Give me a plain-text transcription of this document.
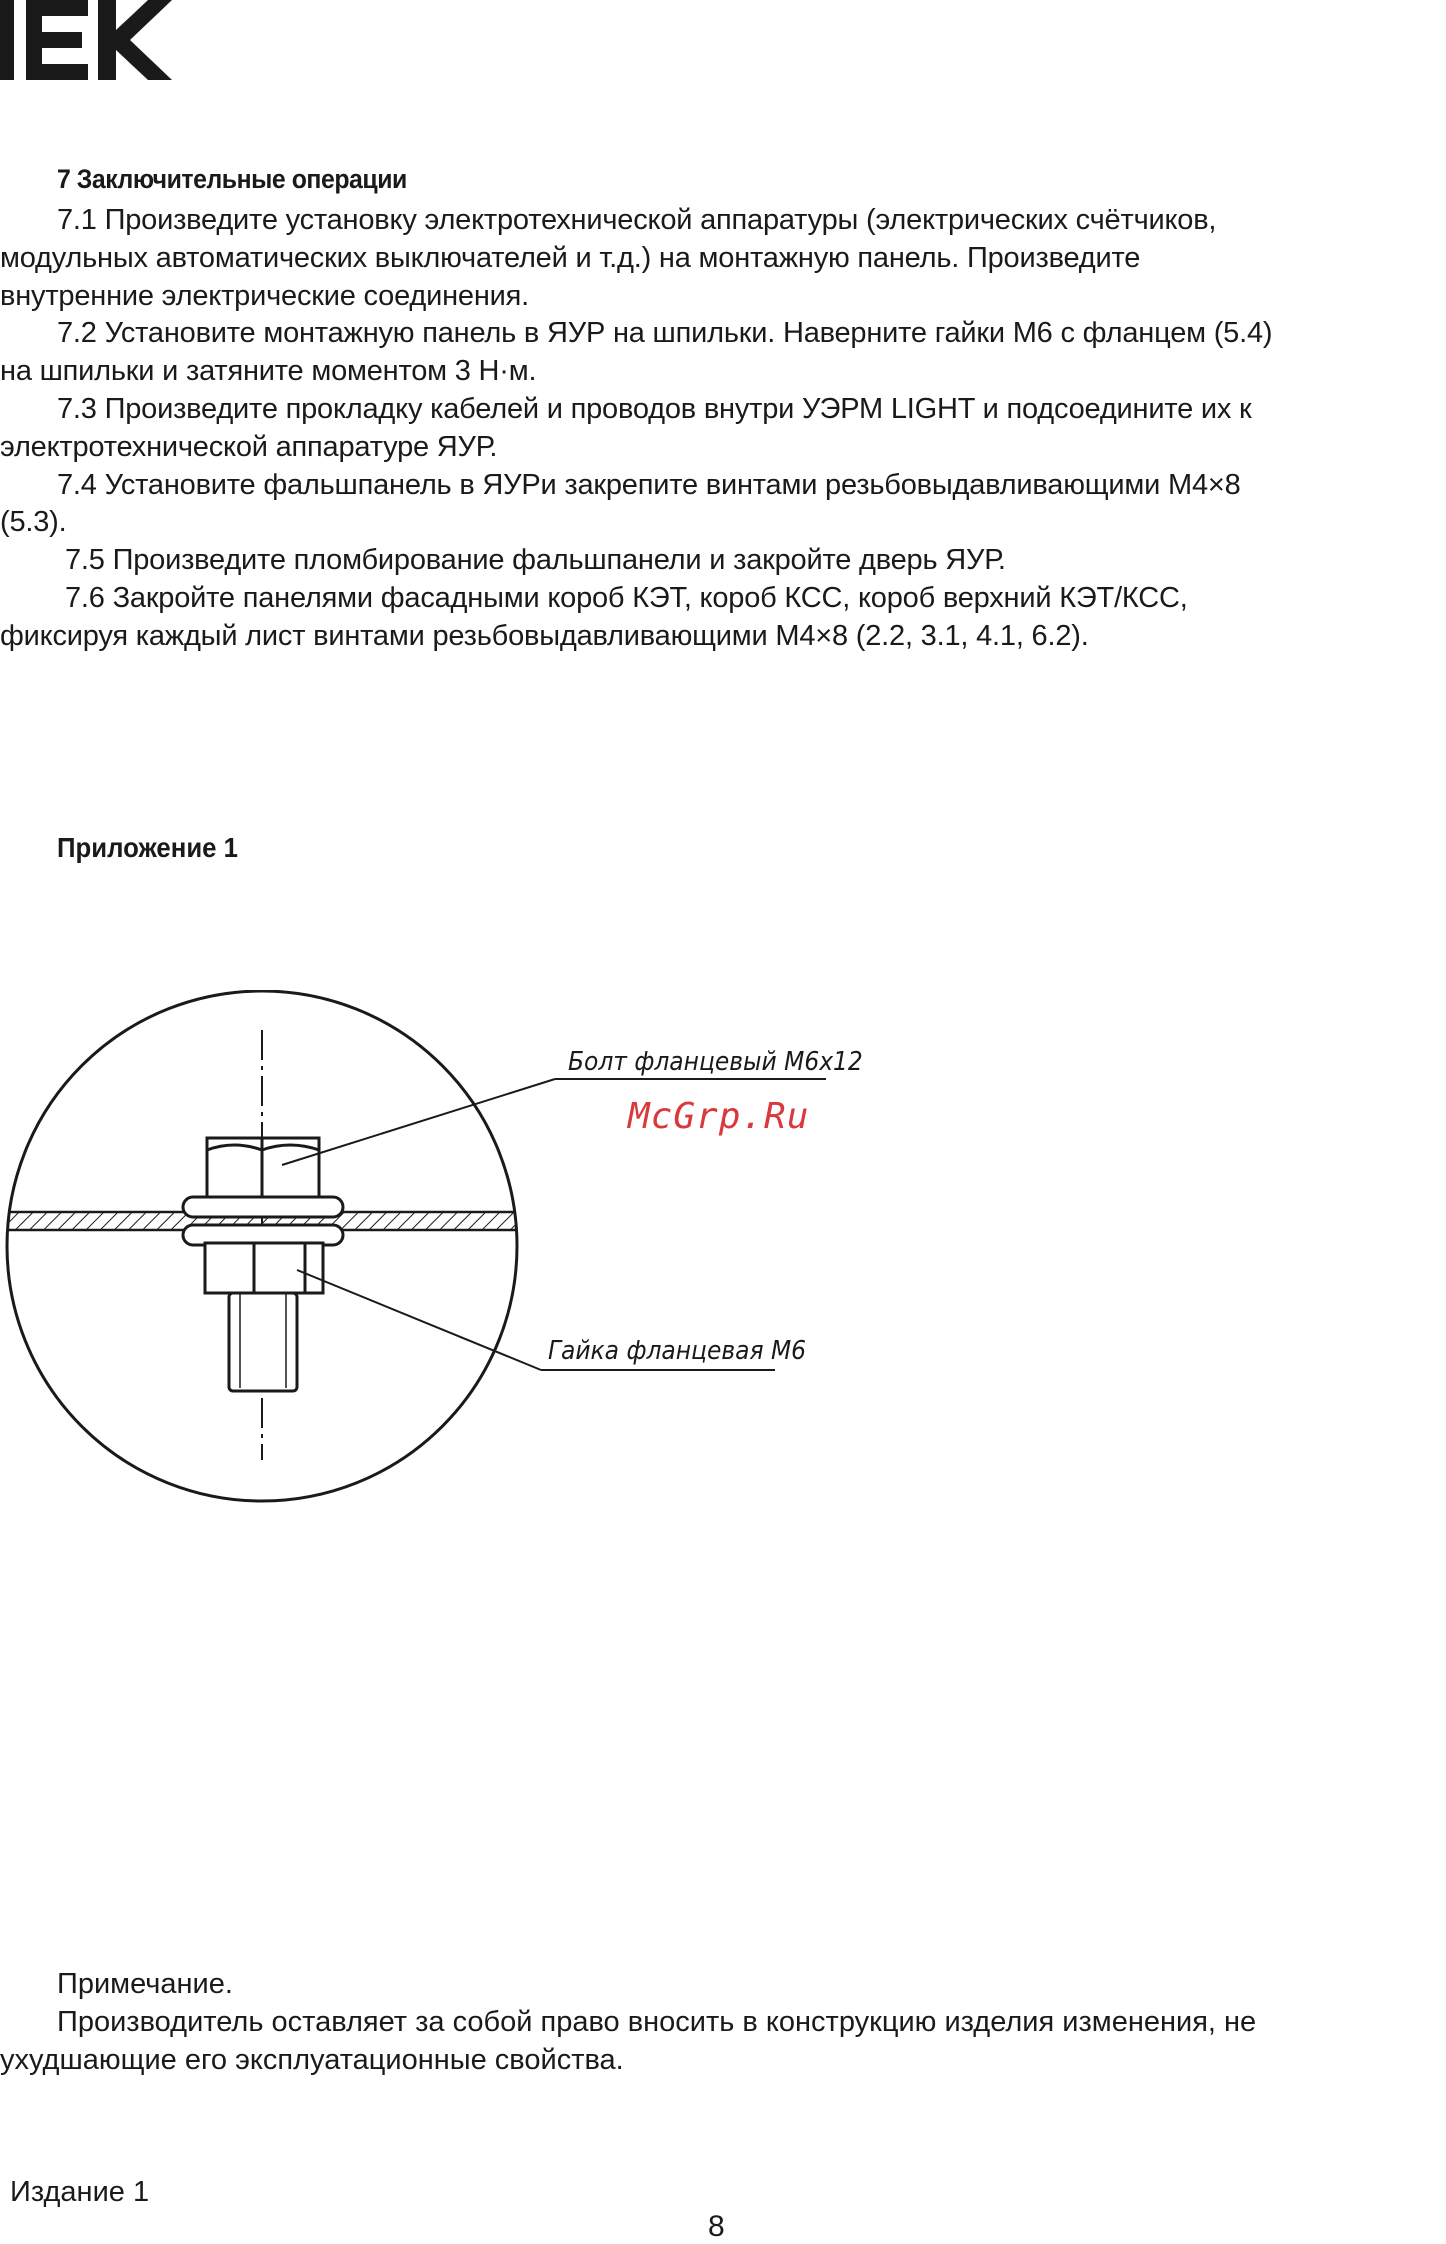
7 Заключительные операции

7.1 Произведите установку электротехнической аппаратуры (электрических счётчиков,

модульных автоматических выключателей и т.д.) на монтажную панель. Произведите

внутренние электрические соединения.

7.2 Установите монтажную панель в ЯУР на шпильки. Наверните гайки М6 с фланцем (5.4)

на шпильки и затяните моментом 3 Н·м.

7.3 Произведите прокладку кабелей и проводов внутри УЭРМ LIGHT и подсоедините их к

электротехнической аппаратуре ЯУР.

7.4 Установите фальшпанель в ЯУРи закрепите винтами резьбовыдавливающими М4×8

(5.3).

7.5 Произведите пломбирование фальшпанели и закройте дверь ЯУР.

7.6 Закройте панелями фасадными короб КЭТ, короб КСС, короб верхний КЭТ/КСС,

фиксируя каждый лист винтами резьбовыдавливающими М4×8 (2.2, 3.1, 4.1, 6.2).

Приложение 1
Болт фланцевый М6х12
Гайка фланцевая М6
McGrp.Ru

Примечание.

Производитель оставляет за собой право вносить в конструкцию изделия изменения, не

ухудшающие его эксплуатационные свойства.

Издание 1
8
